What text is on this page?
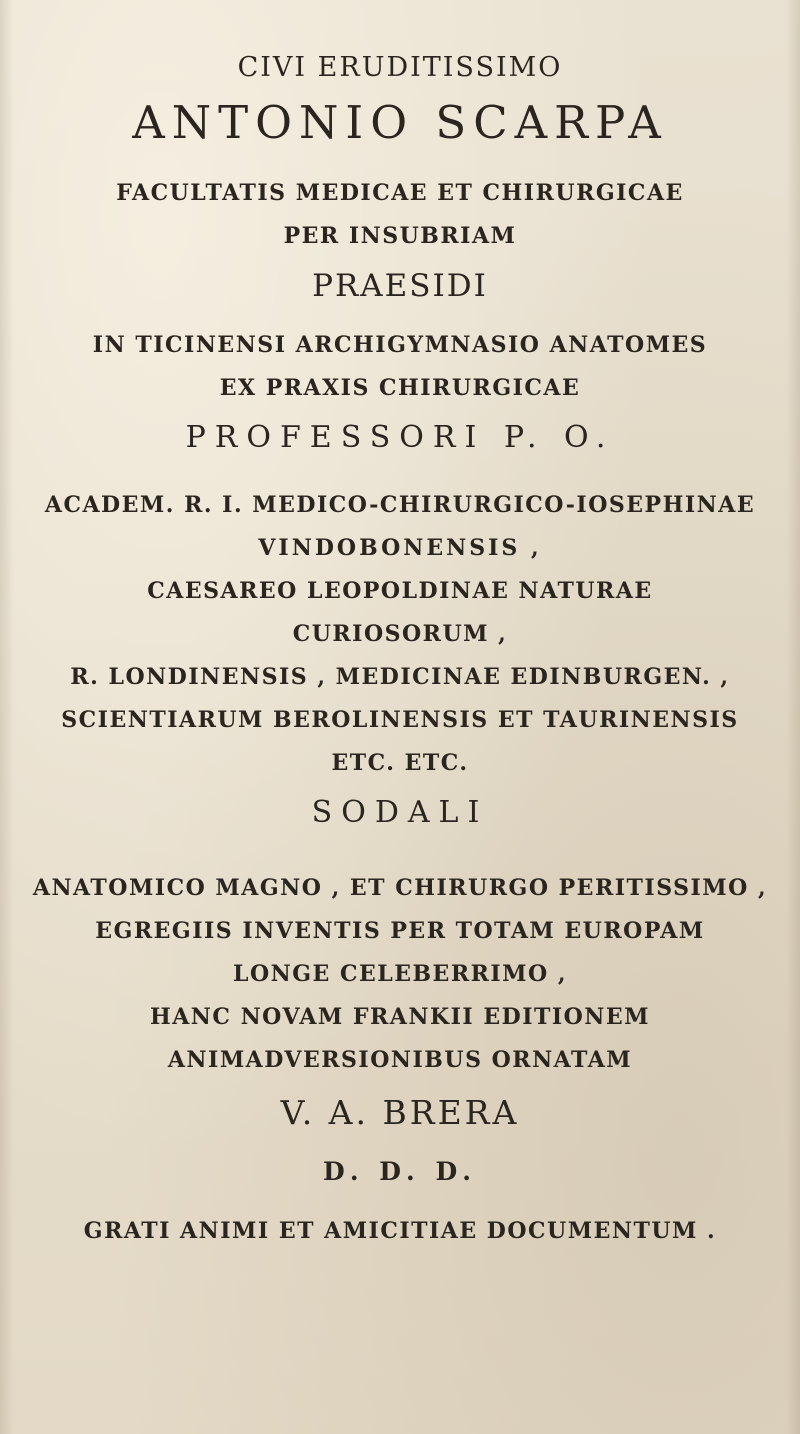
CIVI ERUDITISSIMO
ANTONIO SCARPA
FACULTATIS MEDICAE ET CHIRURGICAE
PER INSUBRIAM
PRAESIDI
IN TICINENSI ARCHIGYMNASIO ANATOMES
EX PRAXIS CHIRURGICAE
PROFESSORI P. O.
ACADEM. R. I. MEDICO-CHIRURGICO-IOSEPHINAE
VINDOBONENSIS ,
CAESAREO LEOPOLDINAE NATURAE
CURIOSORUM ,
R. LONDINENSIS , MEDICINAE EDINBURGEN. ,
SCIENTIARUM BEROLINENSIS ET TAURINENSIS
ETC. ETC.
SODALI
ANATOMICO MAGNO , ET CHIRURGO PERITISSIMO ,
EGREGIIS INVENTIS PER TOTAM EUROPAM
LONGE CELEBERRIMO ,
HANC NOVAM FRANKII EDITIONEM
ANIMADVERSIONIBUS ORNATAM
V. A. BRERA
D. D. D.
GRATI ANIMI ET AMICITIAE DOCUMENTUM .
